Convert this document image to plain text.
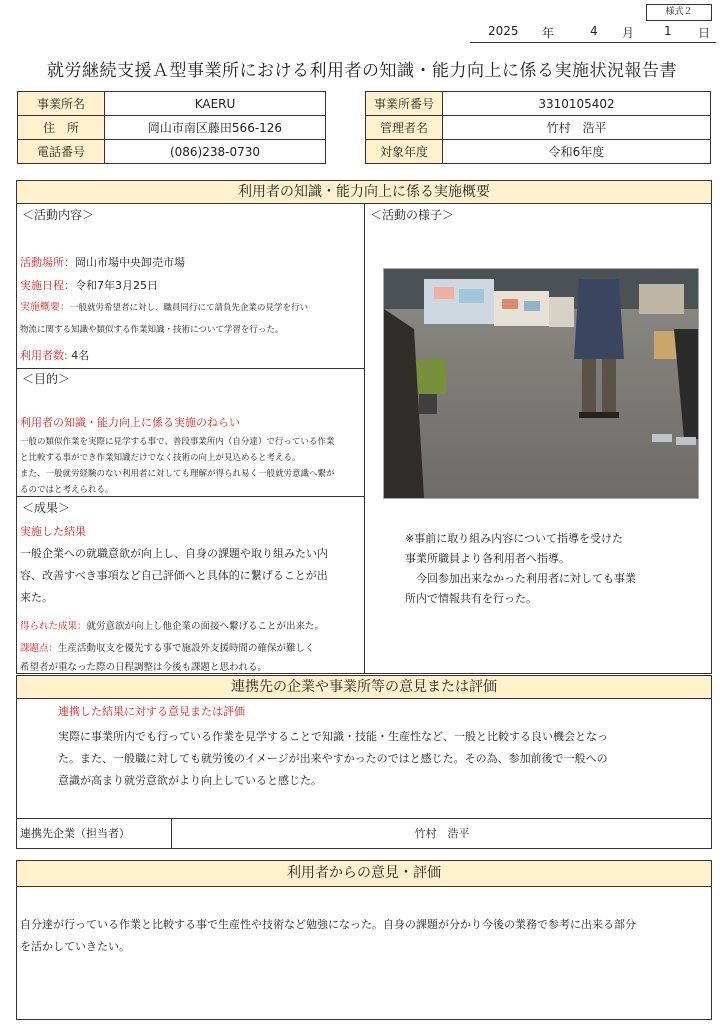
様式２
2025 年	4 月 1 日
就労継続支援Ａ型事業所における利用者の知識・能力向上に係る実施状況報告書
事業所名	KAERU
住　所	岡山市南区藤田566-126
電話番号	(086)238-0730
事業所番号	3310105402
管理者名	竹村　浩平
対象年度	令和6年度
利用者の知識・能力向上に係る実施概要
＜活動内容＞
活動場所：岡山市場中央卸売市場
実施日程：令和7年3月25日
実施概要：一般就労希望者に対し、職員同行にて請負先企業の見学を行い
物流に関する知識や類似する作業知識・技術について学習を行った。
利用者数: 4名
＜目的＞
利用者の知識・能力向上に係る実施のねらい
一般の類似作業を実際に見学する事で、普段事業所内（自分達）で行っている作業
と比較する事ができ作業知識だけでなく技術の向上が見込めると考える。
また、一般就労経験のない利用者に対しても理解が得られ易く一般就労意識へ繋が
るのではと考えられる。
＜成果＞
実施した結果
一般企業への就職意欲が向上し、自身の課題や取り組みたい内
容、改善すべき事項など自己評価へと具体的に繋げることが出
来た。
得られた成果：就労意欲が向上し他企業の面接へ繋げることが出来た。
課題点：生産活動収支を優先する事で施設外支援時間の確保が難しく
希望者が重なった際の日程調整は今後も課題と思われる。
＜活動の様子＞
※事前に取り組み内容について指導を受けた
事業所職員より各利用者へ指導。
　今回参加出来なかった利用者に対しても事業
所内で情報共有を行った。
連携先の企業や事業所等の意見または評価
連携した結果に対する意見または評価
実際に事業所内でも行っている作業を見学することで知識・技能・生産性など、一般と比較する良い機会となっ
た。また、一般職に対しても就労後のイメージが出来やすかったのではと感じた。その為、参加前後で一般への
意識が高まり就労意欲がより向上していると感じた。
連携先企業（担当者）	竹村　浩平
利用者からの意見・評価
自分達が行っている作業と比較する事で生産性や技術など勉強になった。自身の課題が分かり今後の業務で参考に出来る部分
を活かしていきたい。
